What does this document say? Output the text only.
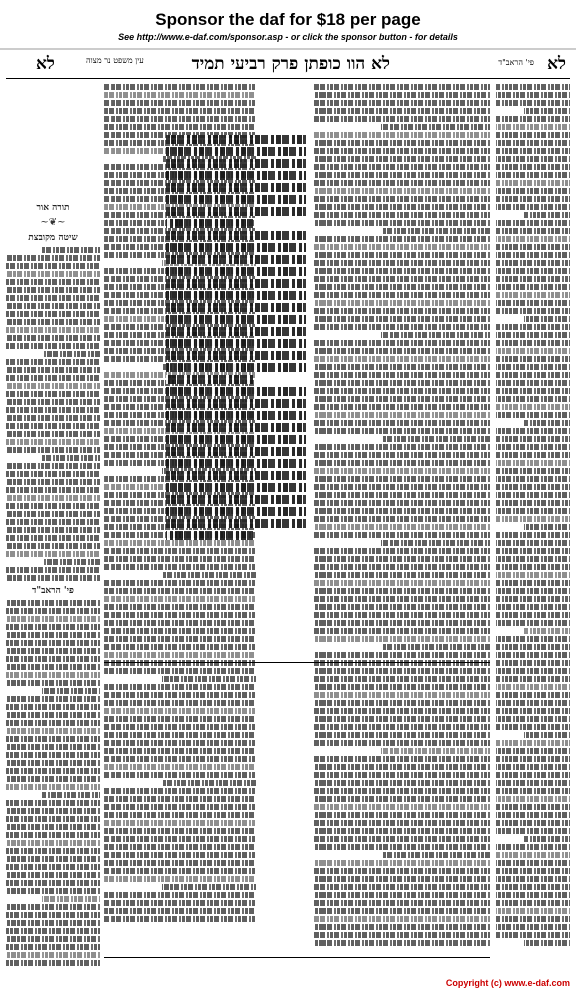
Sponsor the daf for $18 per page
See http://www.e-daf.com/sponsor.asp - or click the sponsor button - for details
לא
לא הוו כופתן פרק רביעי תמיד
לא	עין משפט נר מצוה	פי' הראב"ד
תורה אור
~❦~
שיטה מקובצת
פי' הראב"ד
Copyright (c) www.e-daf.com
